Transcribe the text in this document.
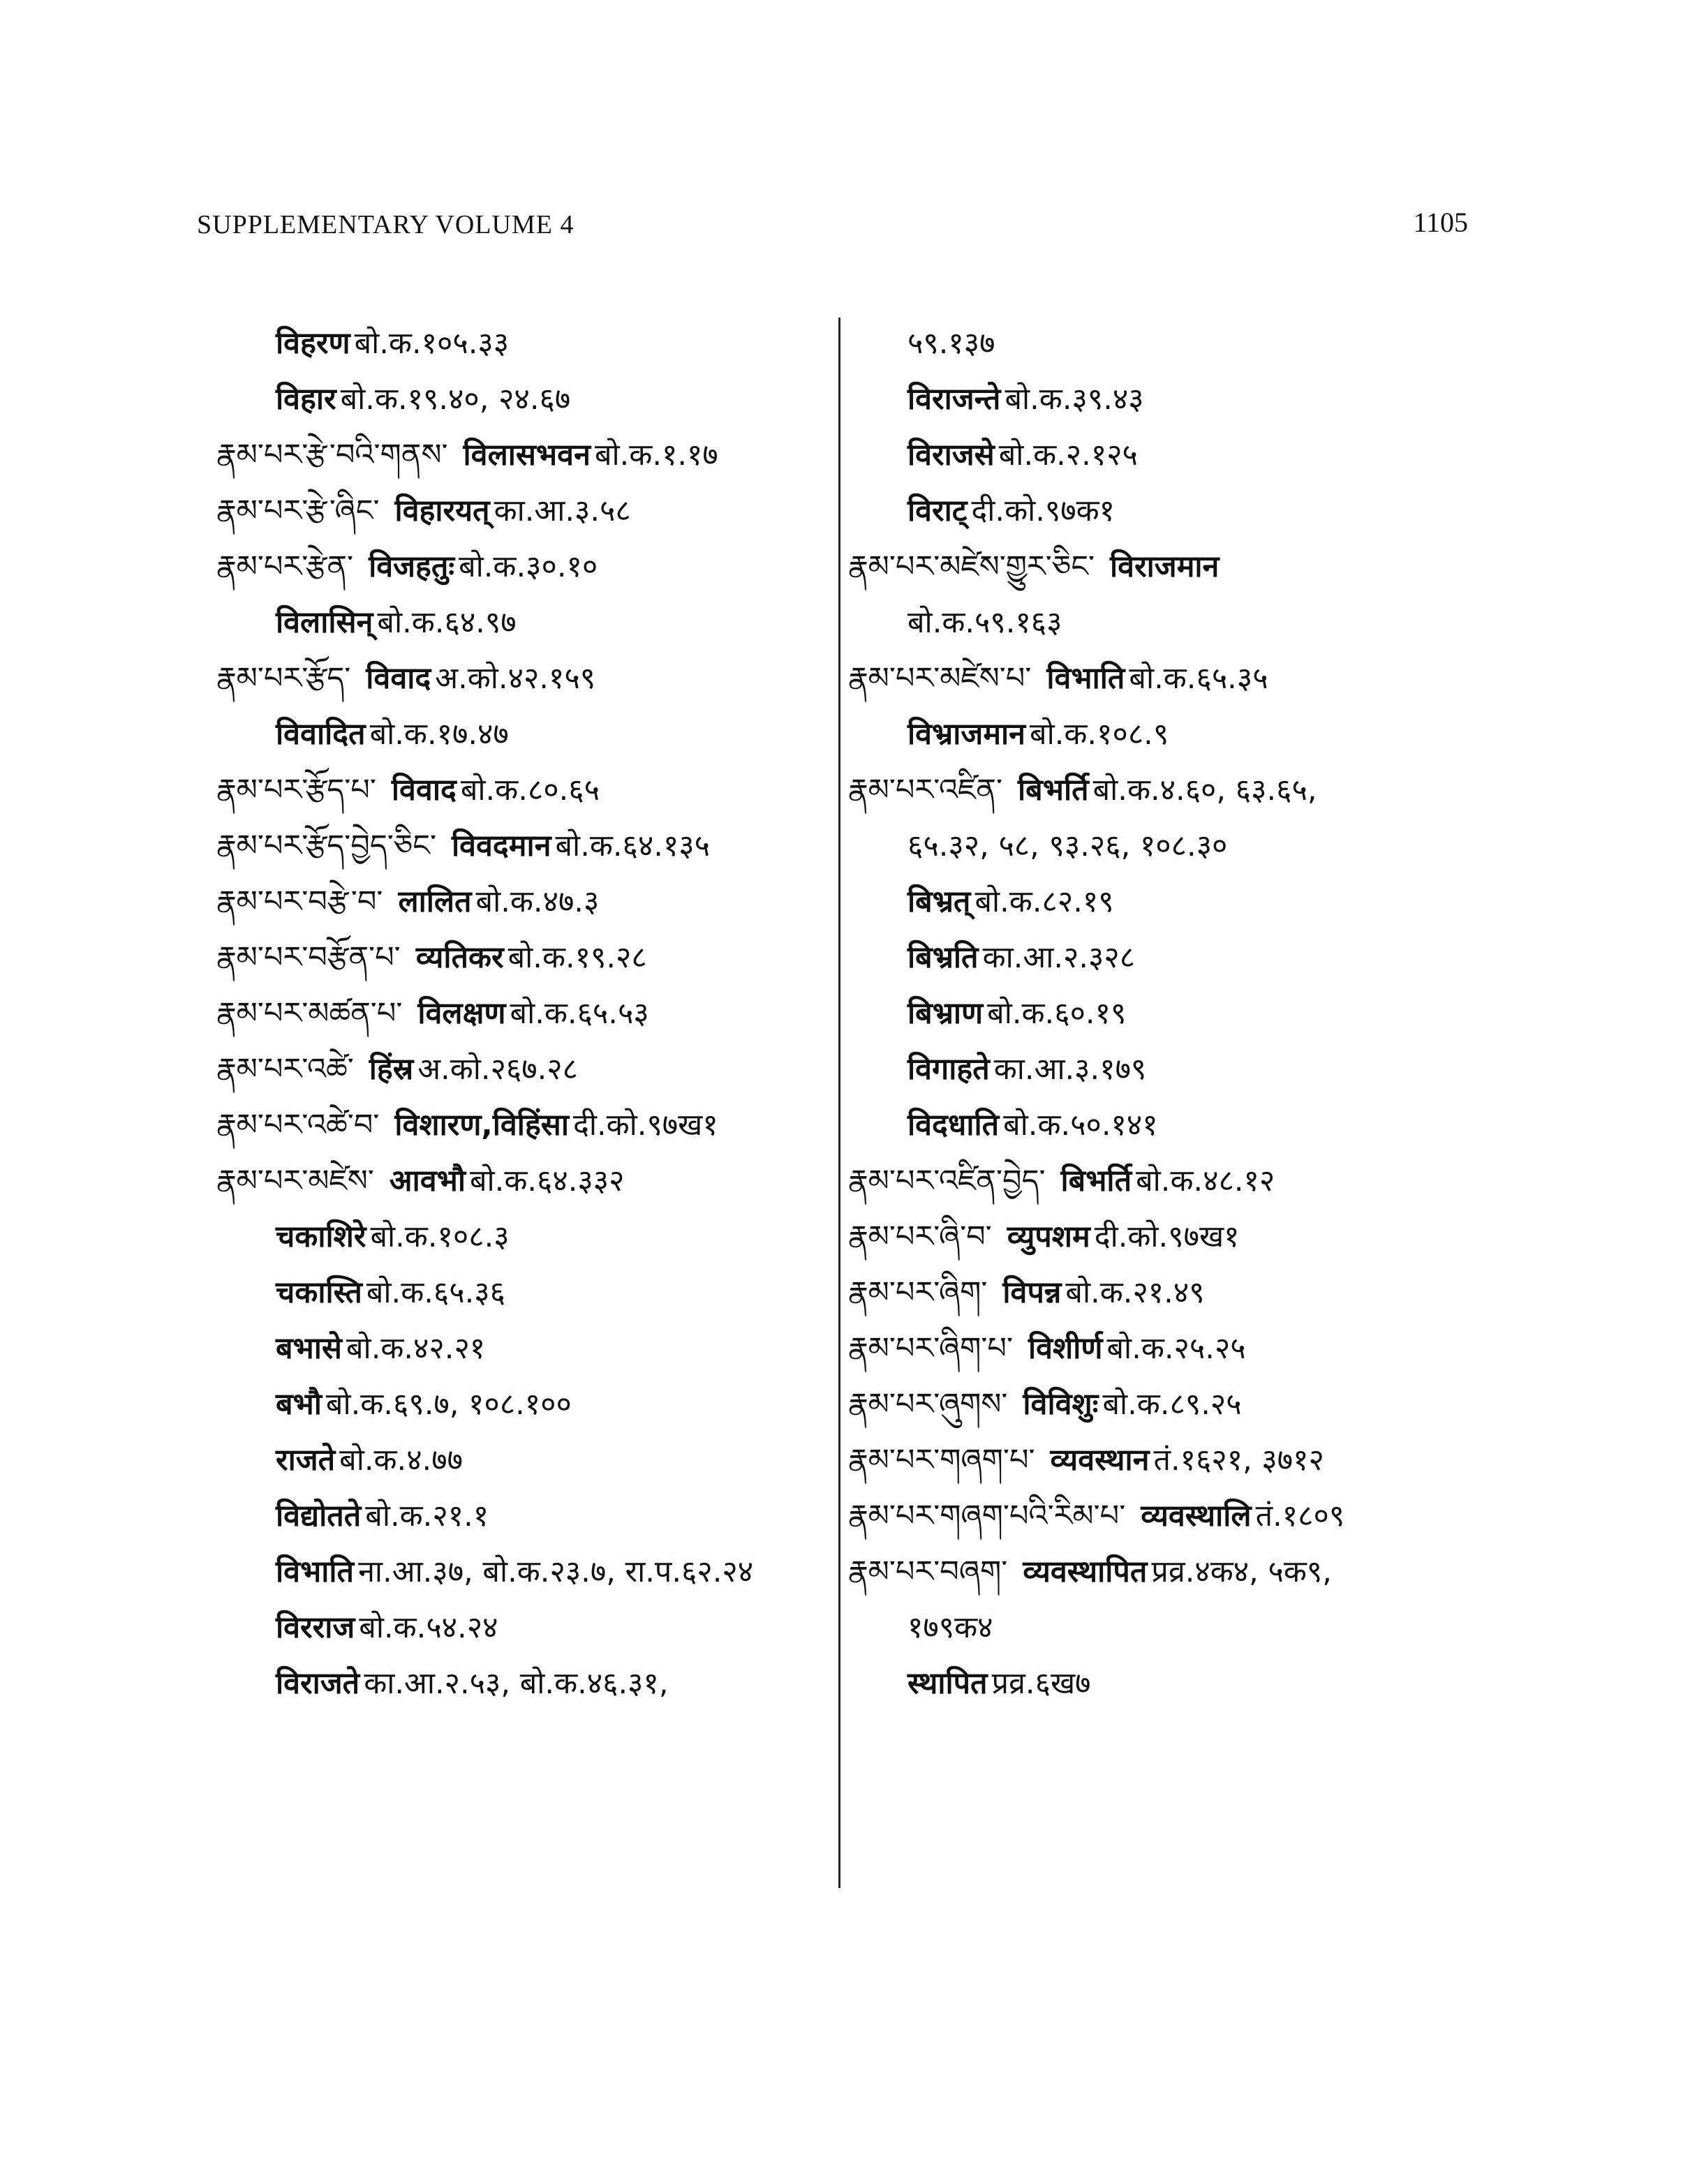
SUPPLEMENTARY VOLUME 4	1105
विहरण बो.क.१०५.३३
विहार बो.क.१९.४०, २४.६७
རྣམ་པར་རྩེ་བའི་གནས་ विलासभवन बो.क.१.१७
རྣམ་པར་རྩེ་ཞིང་ विहारयत् का.आ.३.५८
རྣམ་པར་རྩེན་ विजहतुः बो.क.३०.१०
विलासिन् बो.क.६४.९७
རྣམ་པར་རྩོད་ विवाद अ.को.४२.१५९
विवादित बो.क.१७.४७
རྣམ་པར་རྩོད་པ་ विवाद बो.क.८०.६५
རྣམ་པར་རྩོད་བྱེད་ཅིང་ विवदमान बो.क.६४.१३५
རྣམ་པར་བརྩེ་བ་ लालित बो.क.४७.३
རྣམ་པར་བརྩོན་པ་ व्यतिकर बो.क.१९.२८
རྣམ་པར་མཚན་པ་ विलक्षण बो.क.६५.५३
རྣམ་པར་འཚེ་ हिंस्र अ.को.२६७.२८
རྣམ་པར་འཚེ་བ་ विशारण,विहिंसा दी.को.९७ख१
རྣམ་པར་མཛེས་ आवभौ बो.क.६४.३३२
चकाशिरे बो.क.१०८.३
चकास्ति बो.क.६५.३६
बभासे बो.क.४२.२१
बभौ बो.क.६९.७, १०८.१००
राजते बो.क.४.७७
विद्योतते बो.क.२१.१
विभाति ना.आ.३७, बो.क.२३.७, रा.प.६२.२४
विरराज बो.क.५४.२४
विराजते का.आ.२.५३, बो.क.४६.३१,
५९.१३७
विराजन्ते बो.क.३९.४३
विराजसे बो.क.२.१२५
विराट् दी.को.९७क१
རྣམ་པར་མཛེས་གྱུར་ཅིང་ विराजमान
बो.क.५९.१६३
རྣམ་པར་མཛེས་པ་ विभाति बो.क.६५.३५
विभ्राजमान बो.क.१०८.९
རྣམ་པར་འཛིན་ बिभर्ति बो.क.४.६०, ६३.६५,
६५.३२, ५८, ९३.२६, १०८.३०
बिभ्रत् बो.क.८२.१९
बिभ्रति का.आ.२.३२८
बिभ्राण बो.क.६०.१९
विगाहते का.आ.३.१७९
विदधाति बो.क.५०.१४१
རྣམ་པར་འཛིན་བྱེད་ बिभर्ति बो.क.४८.१२
རྣམ་པར་ཞི་བ་ व्युपशम दी.को.९७ख१
རྣམ་པར་ཞིག་ विपन्न बो.क.२१.४९
རྣམ་པར་ཞིག་པ་ विशीर्ण बो.क.२५.२५
རྣམ་པར་ཞུགས་ विविशुः बो.क.८९.२५
རྣམ་པར་གཞག་པ་ व्यवस्थान तं.१६२१, ३७१२
རྣམ་པར་གཞག་པའི་རིམ་པ་ व्यवस्थालि तं.१८०९
རྣམ་པར་བཞག་ व्यवस्थापित प्रव्र.४क४, ५क९,
१७९क४
स्थापित प्रव्र.६ख७
